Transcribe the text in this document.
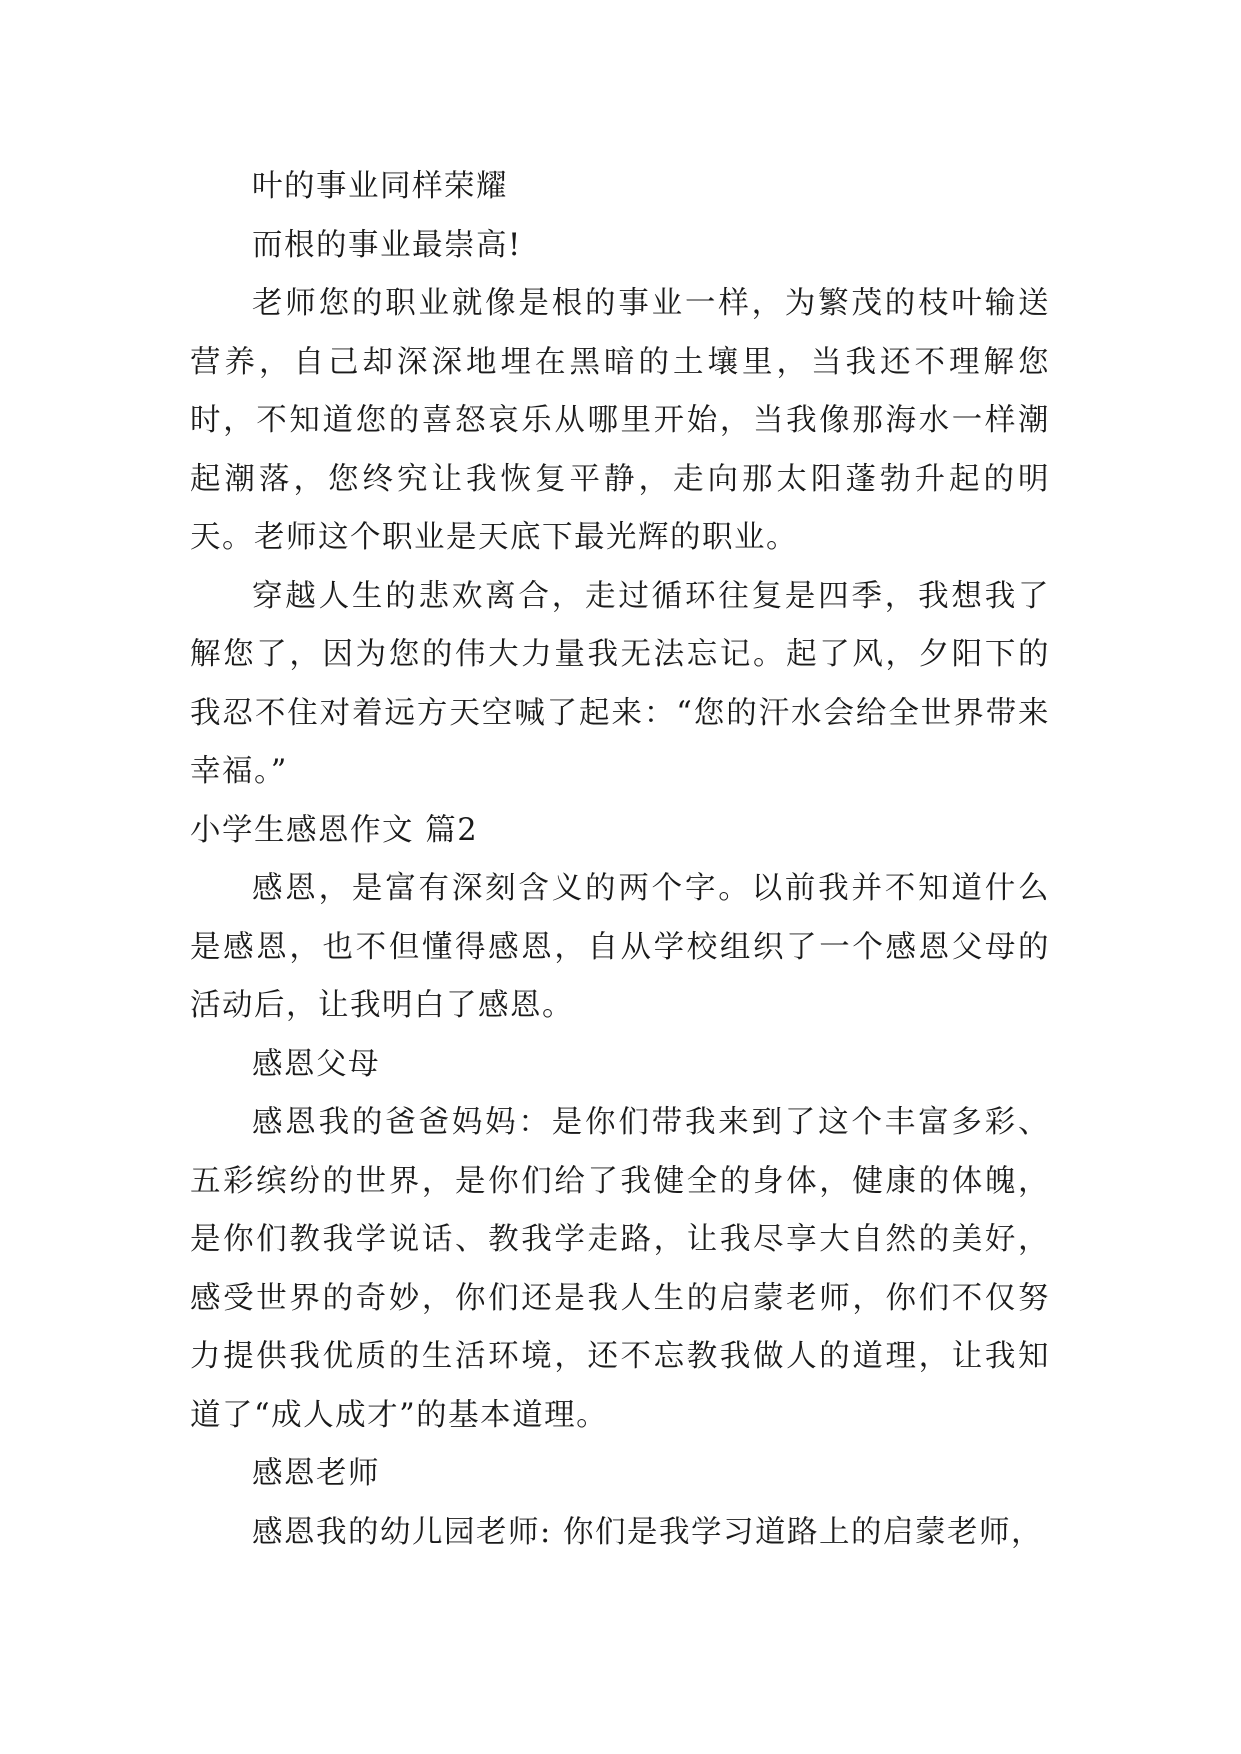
叶的事业同样荣耀

而根的事业最崇高!

老师您的职业就像是根的事业一样，为繁茂的枝叶输送营养，自己却深深地埋在黑暗的土壤里，当我还不理解您时，不知道您的喜怒哀乐从哪里开始，当我像那海水一样潮起潮落，您终究让我恢复平静，走向那太阳蓬勃升起的明天。老师这个职业是天底下最光辉的职业。

穿越人生的悲欢离合，走过循环往复是四季，我想我了解您了，因为您的伟大力量我无法忘记。起了风，夕阳下的我忍不住对着远方天空喊了起来：“您的汗水会给全世界带来幸福。”

小学生感恩作文 篇2

感恩，是富有深刻含义的两个字。以前我并不知道什么是感恩，也不但懂得感恩，自从学校组织了一个感恩父母的活动后，让我明白了感恩。

感恩父母

感恩我的爸爸妈妈：是你们带我来到了这个丰富多彩、五彩缤纷的世界，是你们给了我健全的身体，健康的体魄，是你们教我学说话、教我学走路，让我尽享大自然的美好，感受世界的奇妙，你们还是我人生的启蒙老师，你们不仅努力提供我优质的生活环境，还不忘教我做人的道理，让我知道了“成人成才”的基本道理。

感恩老师

感恩我的幼儿园老师: 你们是我学习道路上的启蒙老师，
